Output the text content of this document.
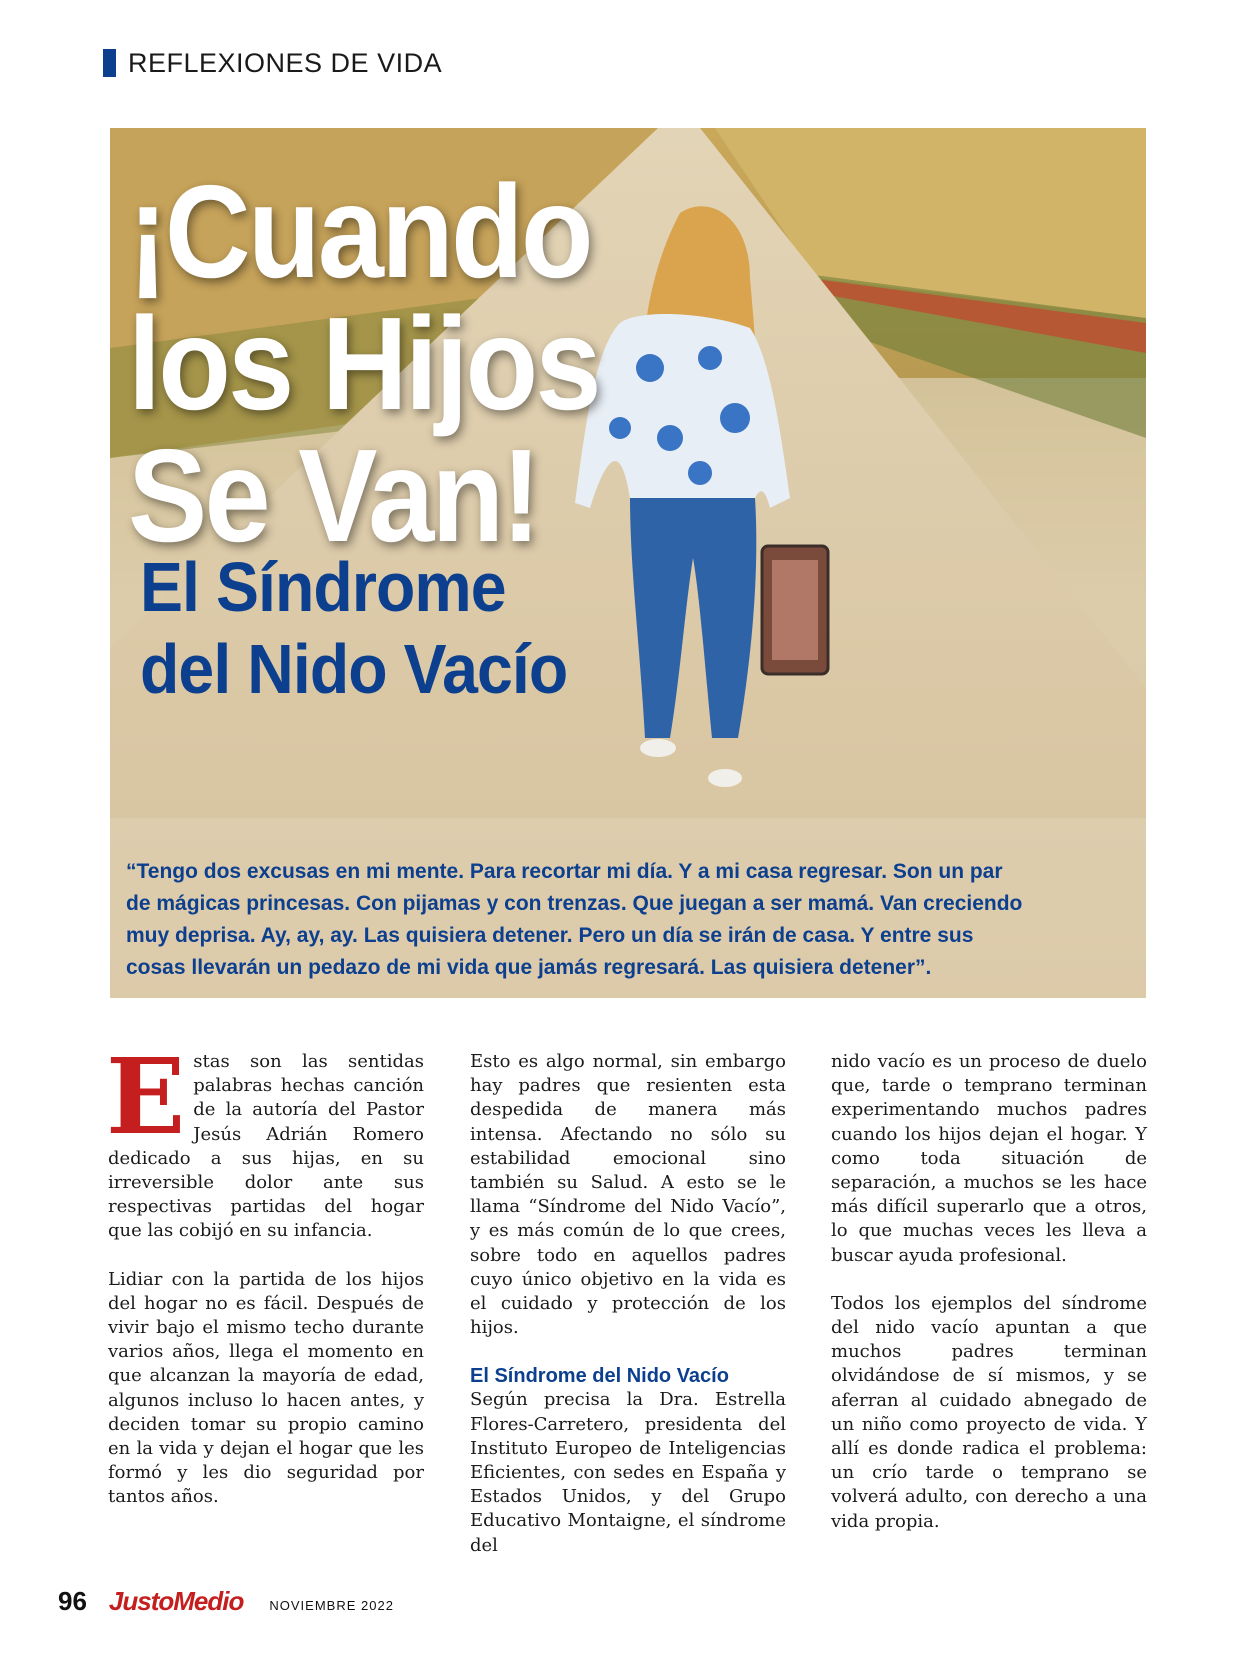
REFLEXIONES DE VIDA
¡Cuando
los Hijos
Se Van!
El Síndrome
del Nido Vacío

“Tengo dos excusas en mi mente. Para recortar mi día. Y a mi casa regresar. Son un par de mágicas princesas. Con pijamas y con trenzas. Que juegan a ser mamá. Van creciendo muy deprisa. Ay, ay, ay. Las quisiera detener. Pero un día se irán de casa. Y entre sus cosas llevarán un pedazo de mi vida que jamás regresará. Las quisiera detener”.

Estas son las sentidas palabras hechas canción de la autoría del Pastor Jesús Adrián Romero dedicado a sus hijas, en su irreversible dolor ante sus respectivas partidas del hogar que las cobijó en su infancia.

Lidiar con la partida de los hijos del hogar no es fácil. Después de vivir bajo el mismo techo durante varios años, llega el momento en que alcanzan la mayoría de edad, algunos incluso lo hacen antes, y deciden tomar su propio camino en la vida y dejan el hogar que les formó y les dio seguridad por tantos años.

Esto es algo normal, sin embargo hay padres que resienten esta despedida de manera más intensa. Afectando no sólo su estabilidad emocional sino también su Salud. A esto se le llama “Síndrome del Nido Vacío”, y es más común de lo que crees, sobre todo en aquellos padres cuyo único objetivo en la vida es el cuidado y protección de los hijos.

El Síndrome del Nido Vacío

Según precisa la Dra. Estrella Flores-Carretero, presidenta del Instituto Europeo de Inteligencias Eficientes, con sedes en España y Estados Unidos, y del Grupo Educativo Montaigne, el síndrome del

nido vacío es un proceso de duelo que, tarde o temprano terminan experimentando muchos padres cuando los hijos dejan el hogar. Y como toda situación de separación, a muchos se les hace más difícil superarlo que a otros, lo que muchas veces les lleva a buscar ayuda profesional.

Todos los ejemplos del síndrome del nido vacío apuntan a que muchos padres terminan olvidándose de sí mismos, y se aferran al cuidado abnegado de un niño como proyecto de vida. Y allí es donde radica el problema: un crío tarde o temprano se volverá adulto, con derecho a una vida propia.

96 JustoMedio NOVIEMBRE 2022
